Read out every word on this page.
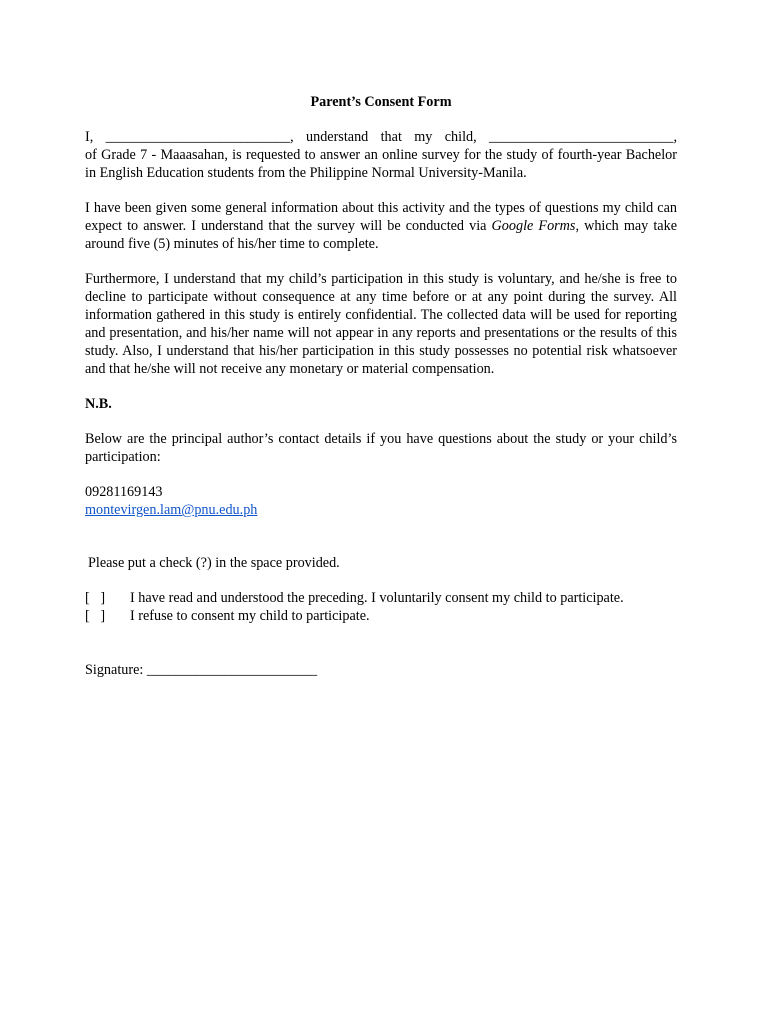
Parent’s Consent Form

I, __________________________, understand that my child, __________________________,
of Grade 7 - Maaasahan, is requested to answer an online survey for the study of fourth-year Bachelor in English Education students from the Philippine Normal University-Manila.

I have been given some general information about this activity and the types of questions my child can expect to answer. I understand that the survey will be conducted via Google Forms, which may take around five (5) minutes of his/her time to complete.

Furthermore, I understand that my child’s participation in this study is voluntary, and he/she is free to decline to participate without consequence at any time before or at any point during the survey. All information gathered in this study is entirely confidential. The collected data will be used for reporting and presentation, and his/her name will not appear in any reports and presentations or the results of this study. Also, I understand that his/her participation in this study possesses no potential risk whatsoever and that he/she will not receive any monetary or material compensation.

N.B.

Below are the principal author’s contact details if you have questions about the study or your child’s participation:

09281169143
montevirgen.lam@pnu.edu.ph
Please put a check (?) in the space provided.
[   ]	I have read and understood the preceding. I voluntarily consent my child to participate.
[   ]	I refuse to consent my child to participate.
Signature: ________________________
